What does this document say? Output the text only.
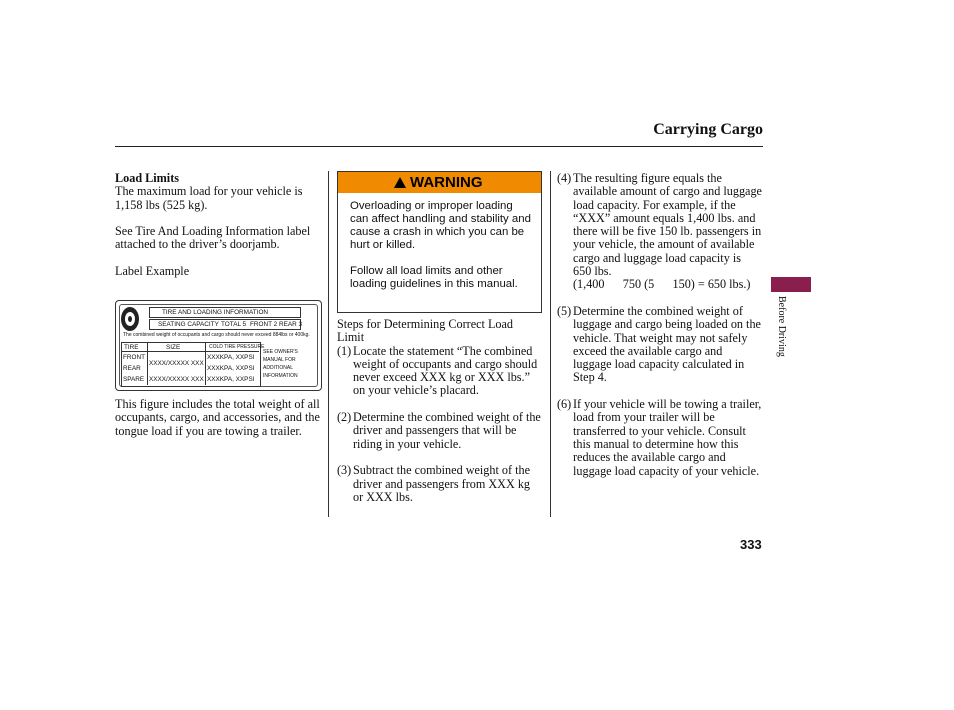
Carrying Cargo
Load Limits

The maximum load for your vehicle is 1,158 lbs (525 kg).

See Tire And Loading Information label attached to the driver’s doorjamb.

Label Example

This figure includes the total weight of all occupants, cargo, and accessories, and the tongue load if you are towing a trailer.

TIRE AND LOADING INFORMATION
SEATING CAPACITY TOTAL 5 FRONT 2 REAR 3
The combined weight of occupants and cargo should never exceed 884lbs or 400kg.
TIRE	SIZE	COLD TIRE PRESSURE
FRONT
REAR
SPARE
XXXX/XXXXX XXX
XXXX/XXXXX XXX
XXXKPA, XXPSI
XXXKPA, XXPSI
XXXKPA, XXPSI
SEE OWNER'S
MANUAL FOR
ADDITIONAL
INFORMATION
WARNING

Overloading or improper loading can affect handling and stability and cause a crash in which you can be hurt or killed.

Follow all load limits and other loading guidelines in this manual.

Steps for Determining Correct Load Limit

(1) Locate the statement “The combined weight of occupants and cargo should never exceed XXX kg or XXX lbs.” on your vehicle’s placard.
(2) Determine the combined weight of the driver and passengers that will be riding in your vehicle.
(3) Subtract the combined weight of the driver and passengers from XXX kg or XXX lbs.
(4) The resulting figure equals the available amount of cargo and luggage load capacity. For example, if the “XXX” amount equals 1,400 lbs. and there will be five 150 lb. passengers in your vehicle, the amount of available cargo and luggage load capacity is 650 lbs.
(1,400      750 (5      150) = 650 lbs.)
(5) Determine the combined weight of luggage and cargo being loaded on the vehicle. That weight may not safely exceed the available cargo and luggage load capacity calculated in Step 4.
(6) If your vehicle will be towing a trailer, load from your trailer will be transferred to your vehicle. Consult this manual to determine how this reduces the available cargo and luggage load capacity of your vehicle.
Before Driving
333
